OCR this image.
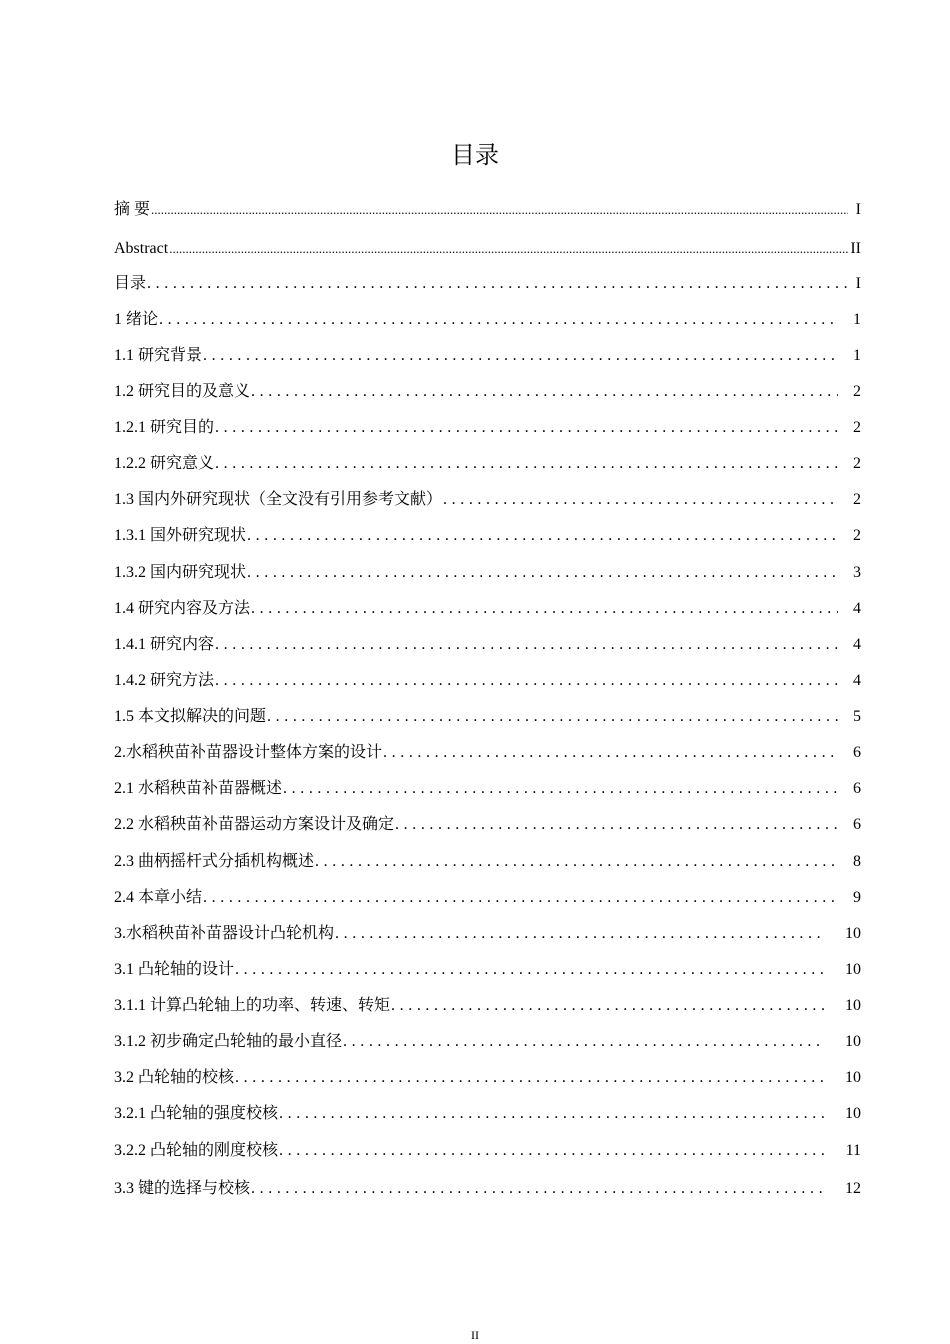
目录
摘 要 .....	I
Abstract .....	II
目录 . . .	I
1 绪论 . . .	1
1.1 研究背景 . . .	1
1.2 研究目的及意义 . . .	2
1.2.1 研究目的 . . .	2
1.2.2 研究意义 . . .	2
1.3 国内外研究现状（全文没有引用参考文献） . . .	2
1.3.1 国外研究现状 . . .	2
1.3.2 国内研究现状 . . .	3
1.4 研究内容及方法 . . .	4
1.4.1 研究内容 . . .	4
1.4.2 研究方法 . . .	4
1.5 本文拟解决的问题 . . .	5
2.水稻秧苗补苗器设计整体方案的设计 . . .	6
2.1 水稻秧苗补苗器概述 . . .	6
2.2 水稻秧苗补苗器运动方案设计及确定 . . .	6
2.3 曲柄摇杆式分插机构概述 . . .	8
2.4 本章小结 . . .	9
3.水稻秧苗补苗器设计凸轮机构 . . .	10
3.1 凸轮轴的设计 . . .	10
3.1.1 计算凸轮轴上的功率、转速、转矩 . . .	10
3.1.2 初步确定凸轮轴的最小直径 . . .	10
3.2 凸轮轴的校核 . . .	10
3.2.1 凸轮轴的强度校核 . . .	10
3.2.2 凸轮轴的刚度校核 . . .	11
3.3 键的选择与校核 . . .	12
II
